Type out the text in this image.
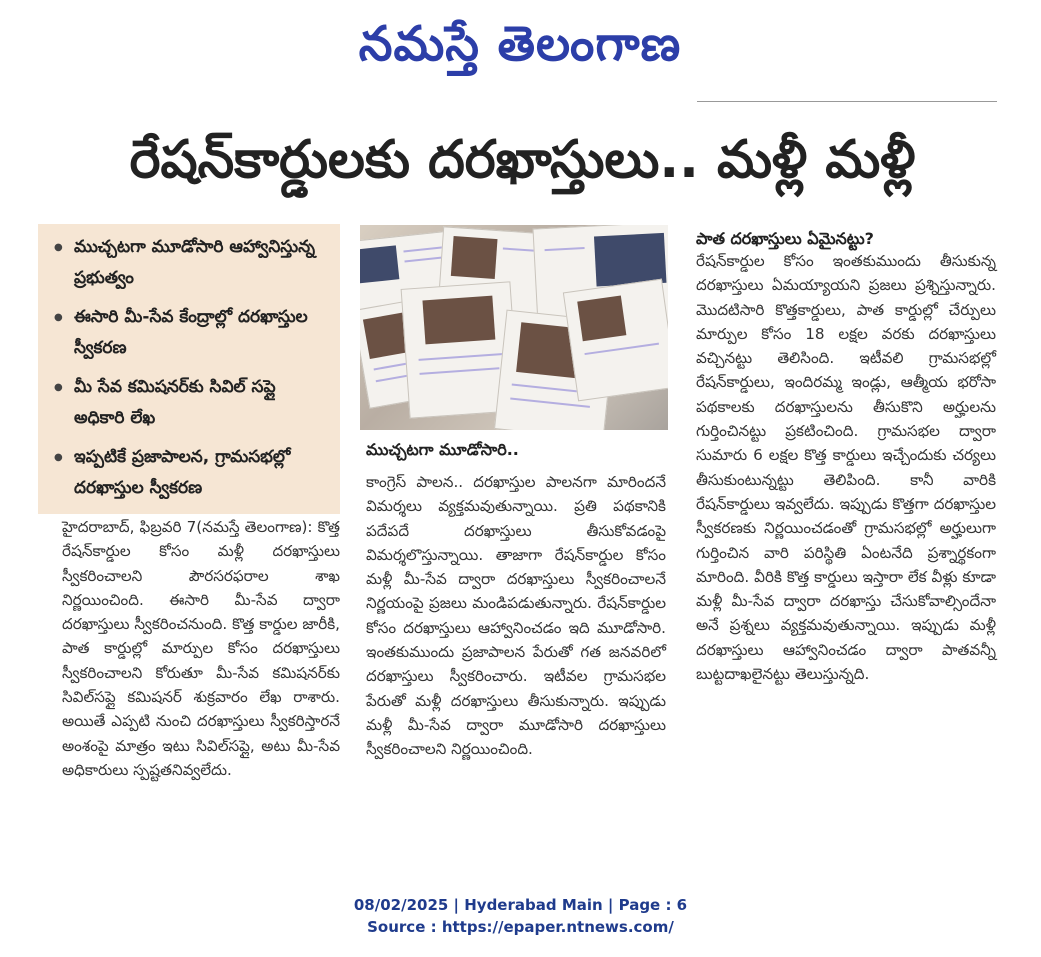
నమస్తే తెలంగాణ
రేషన్‌కార్డులకు దరఖాస్తులు.. మళ్లీ మళ్లీ
● ముచ్చటగా మూడోసారి ఆహ్వానిస్తున్న ప్రభుత్వం
● ఈసారి మీ-సేవ కేంద్రాల్లో దరఖాస్తుల స్వీకరణ
● మీ సేవ కమిషనర్‌కు సివిల్ సప్లై అధికారి లేఖ
● ఇప్పటికే ప్రజాపాలన, గ్రామసభల్లో దరఖాస్తుల స్వీకరణ
హైదరాబాద్, ఫిబ్రవరి 7(నమస్తే తెలంగాణ): కొత్త రేషన్‌కార్డుల కోసం మళ్లీ దరఖాస్తులు స్వీకరించాలని పౌరసరఫరాల శాఖ నిర్ణయించింది. ఈసారి మీ-సేవ ద్వారా దరఖాస్తులు స్వీకరించనుంది. కొత్త కార్డుల జారీకి, పాత కార్డుల్లో మార్పుల కోసం దరఖాస్తులు స్వీకరించాలని కోరుతూ మీ-సేవ కమిషనర్‌కు సివిల్‌సప్లై కమిషనర్ శుక్రవారం లేఖ రాశారు. అయితే ఎప్పటి నుంచి దరఖాస్తులు స్వీకరిస్తారనే అంశంపై మాత్రం ఇటు సివిల్‌సప్లై, అటు మీ-సేవ అధికారులు స్పష్టతనివ్వలేదు.
ముచ్చటగా మూడోసారి..
కాంగ్రెస్ పాలన.. దరఖాస్తుల పాలనగా మారిందనే విమర్శలు వ్యక్తమవుతున్నాయి. ప్రతి పథకానికి పదేపదే దరఖాస్తులు తీసుకోవడంపై విమర్శలొస్తున్నాయి. తాజాగా రేషన్‌కార్డుల కోసం మళ్లీ మీ-సేవ ద్వారా దరఖాస్తులు స్వీకరించాలనే నిర్ణయంపై ప్రజలు మండిపడుతున్నారు. రేషన్‌కార్డుల కోసం దరఖాస్తులు ఆహ్వానించడం ఇది మూడోసారి. ఇంతకుముందు ప్రజాపాలన పేరుతో గత జనవరిలో దరఖాస్తులు స్వీకరించారు. ఇటీవల గ్రామసభల పేరుతో మళ్లీ దరఖాస్తులు తీసుకున్నారు. ఇప్పుడు మళ్లీ మీ-సేవ ద్వారా మూడోసారి దరఖాస్తులు స్వీకరించాలని నిర్ణయించింది.
పాత దరఖాస్తులు ఏమైనట్టు?
రేషన్‌కార్డుల కోసం ఇంతకుముందు తీసుకున్న దరఖాస్తులు ఏమయ్యాయని ప్రజలు ప్రశ్నిస్తున్నారు. మొదటిసారి కొత్తకార్డులు, పాత కార్డుల్లో చేర్పులు మార్పుల కోసం 18 లక్షల వరకు దరఖాస్తులు వచ్చినట్టు తెలిసింది. ఇటీవలి గ్రామసభల్లో రేషన్‌కార్డులు, ఇందిరమ్మ ఇండ్లు, ఆత్మీయ భరోసా పథకాలకు దరఖాస్తులను తీసుకొని అర్హులను గుర్తించినట్టు ప్రకటించింది. గ్రామసభల ద్వారా సుమారు 6 లక్షల కొత్త కార్డులు ఇచ్చేందుకు చర్యలు తీసుకుంటున్నట్టు తెలిపింది. కానీ వారికి రేషన్‌కార్డులు ఇవ్వలేదు. ఇప్పుడు కొత్తగా దరఖాస్తుల స్వీకరణకు నిర్ణయించడంతో గ్రామసభల్లో అర్హులుగా గుర్తించిన వారి పరిస్థితి ఏంటనేది ప్రశ్నార్థకంగా మారింది. వీరికి కొత్త కార్డులు ఇస్తారా లేక వీళ్లు కూడా మళ్లీ మీ-సేవ ద్వారా దరఖాస్తు చేసుకోవాల్సిందేనా అనే ప్రశ్నలు వ్యక్తమవుతున్నాయి. ఇప్పుడు మళ్లీ దరఖాస్తులు ఆహ్వానించడం ద్వారా పాతవన్నీ బుట్టదాఖలైనట్టు తెలుస్తున్నది.
08/02/2025 | Hyderabad Main | Page : 6
Source : https://epaper.ntnews.com/
